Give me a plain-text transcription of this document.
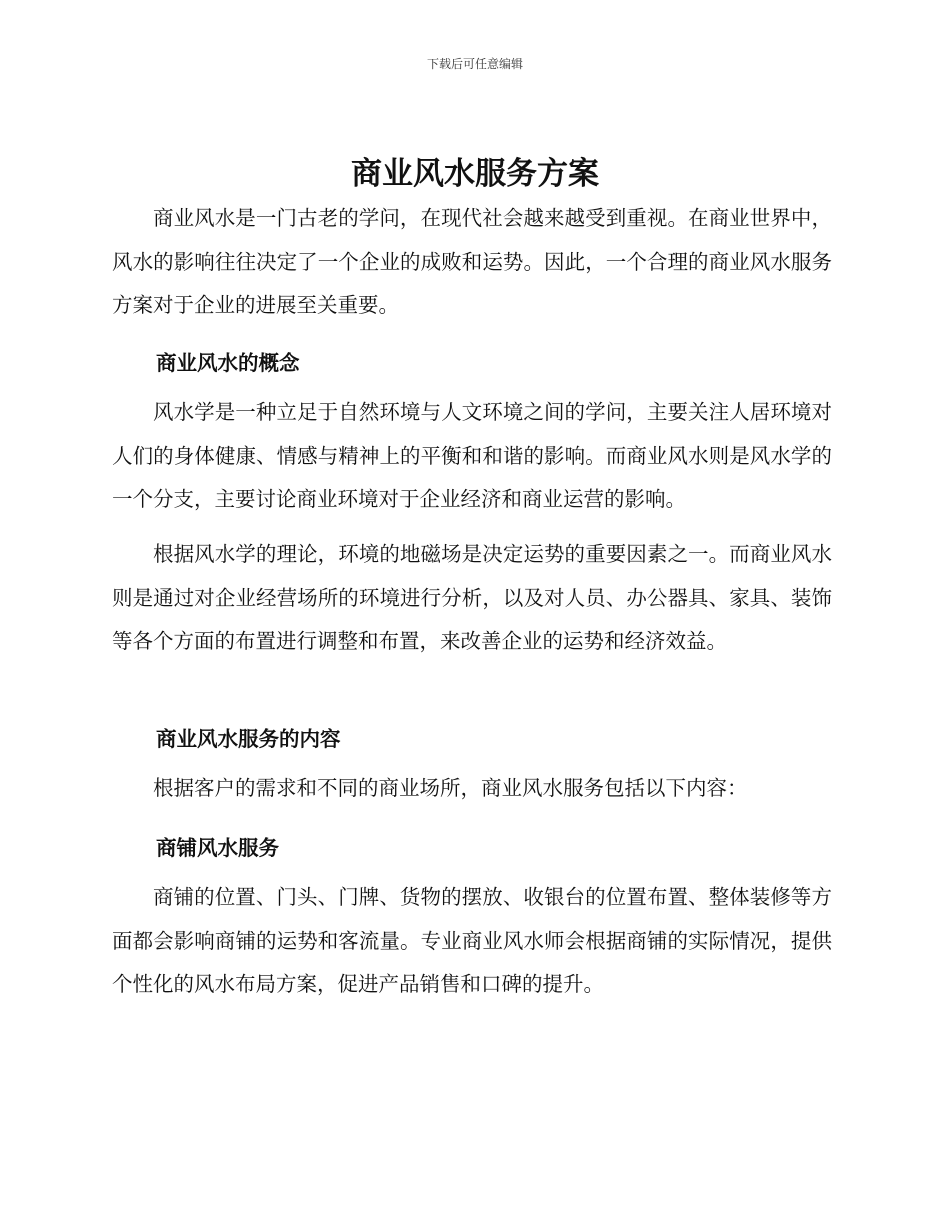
下载后可任意编辑
商业风水服务方案

商业风水是一门古老的学问，在现代社会越来越受到重视。在商业世界中，风水的影响往往决定了一个企业的成败和运势。因此，一个合理的商业风水服务方案对于企业的进展至关重要。

商业风水的概念

风水学是一种立足于自然环境与人文环境之间的学问，主要关注人居环境对人们的身体健康、情感与精神上的平衡和和谐的影响。而商业风水则是风水学的一个分支，主要讨论商业环境对于企业经济和商业运营的影响。

根据风水学的理论，环境的地磁场是决定运势的重要因素之一。而商业风水则是通过对企业经营场所的环境进行分析，以及对人员、办公器具、家具、装饰等各个方面的布置进行调整和布置，来改善企业的运势和经济效益。

商业风水服务的内容

根据客户的需求和不同的商业场所，商业风水服务包括以下内容：

商铺风水服务

商铺的位置、门头、门牌、货物的摆放、收银台的位置布置、整体装修等方面都会影响商铺的运势和客流量。专业商业风水师会根据商铺的实际情况，提供个性化的风水布局方案，促进产品销售和口碑的提升。
